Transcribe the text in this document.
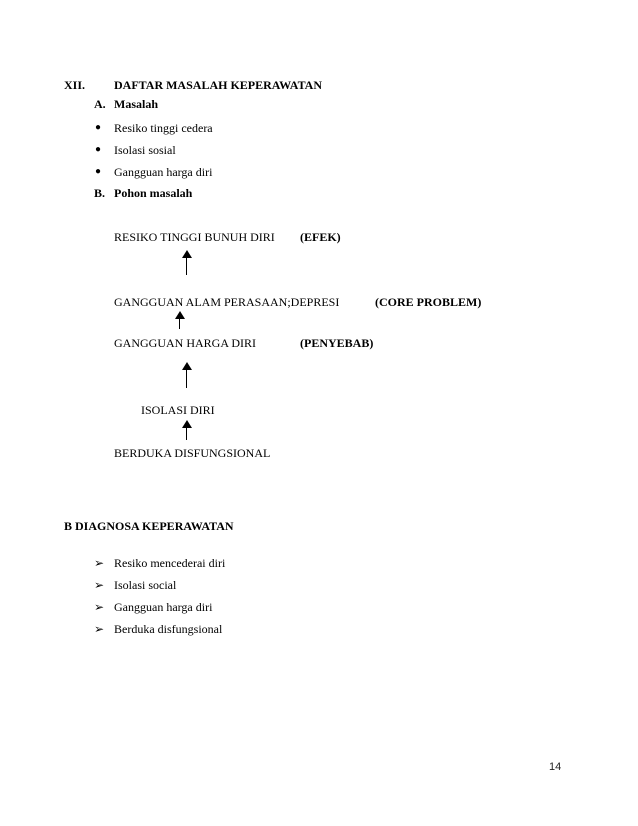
XII. DAFTAR MASALAH KEPERAWATAN
A. Masalah
● Resiko tinggi cedera
● Isolasi sosial
● Gangguan harga diri
B. Pohon masalah
RESIKO TINGGI BUNUH DIRI (EFEK)
GANGGUAN ALAM PERASAAN;DEPRESI	(CORE PROBLEM)
GANGGUAN HARGA DIRI	(PENYEBAB)
ISOLASI DIRI
BERDUKA DISFUNGSIONAL
B DIAGNOSA KEPERAWATAN
➢ Resiko mencederai diri
➢ Isolasi social
➢ Gangguan harga diri
➢ Berduka disfungsional
14
